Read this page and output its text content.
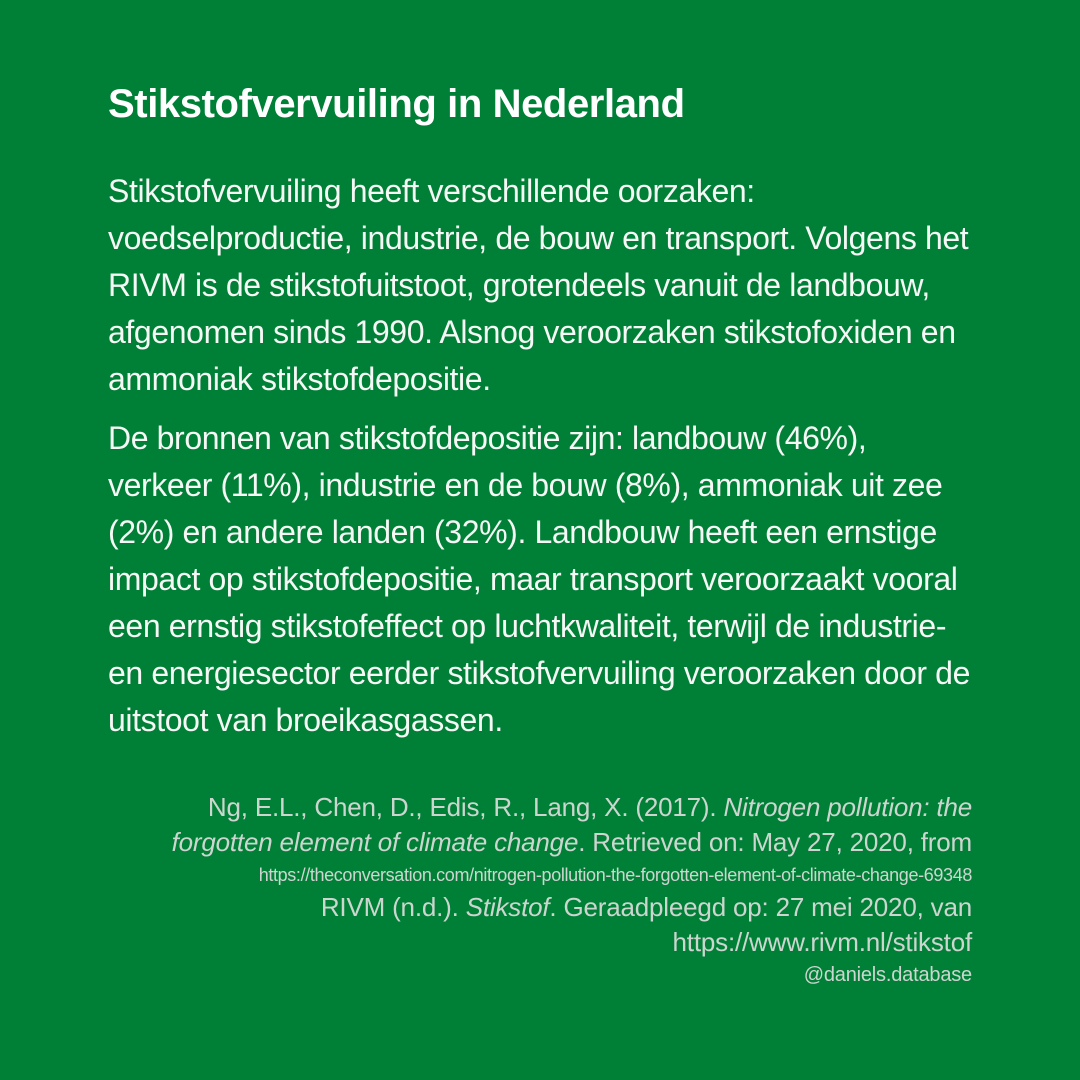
Stikstofvervuiling in Nederland

Stikstofvervuiling heeft verschillende oorzaken: voedselproductie, industrie, de bouw en transport. Volgens het RIVM is de stikstofuitstoot, grotendeels vanuit de landbouw, afgenomen sinds 1990. Alsnog veroorzaken stikstofoxiden en ammoniak stikstofdepositie.

De bronnen van stikstofdepositie zijn: landbouw (46%), verkeer (11%), industrie en de bouw (8%), ammoniak uit zee (2%) en andere landen (32%). Landbouw heeft een ernstige impact op stikstofdepositie, maar transport veroorzaakt vooral een ernstig stikstofeffect op luchtkwaliteit, terwijl de industrie- en energiesector eerder stikstofvervuiling veroorzaken door de uitstoot van broeikasgassen.

Ng, E.L., Chen, D., Edis, R., Lang, X. (2017). Nitrogen pollution: the forgotten element of climate change. Retrieved on: May 27, 2020, from
https://theconversation.com/nitrogen-pollution-the-forgotten-element-of-climate-change-69348
RIVM (n.d.). Stikstof. Geraadpleegd op: 27 mei 2020, van
https://www.rivm.nl/stikstof
@daniels.database
